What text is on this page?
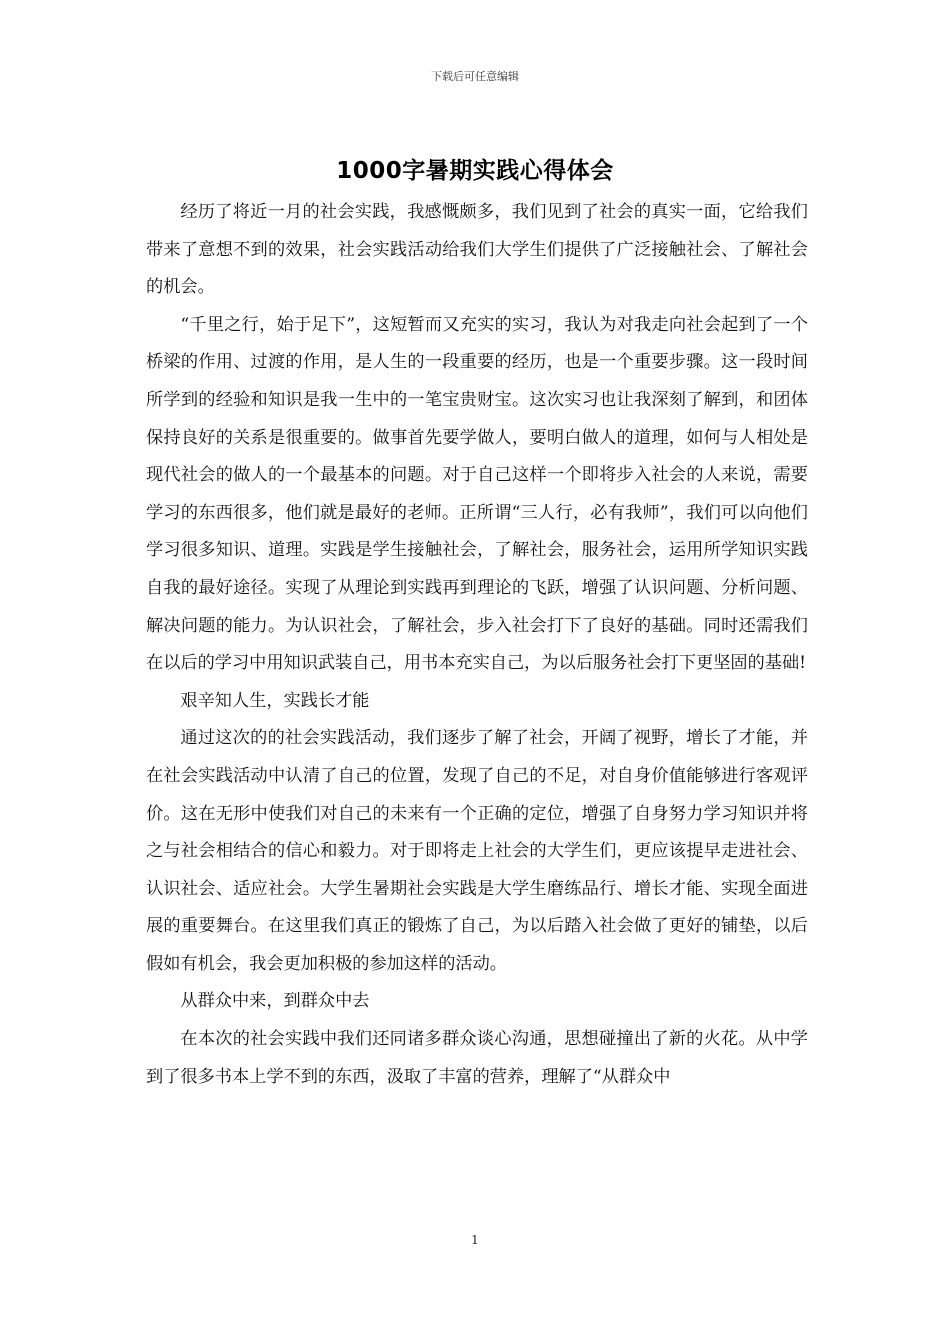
下载后可任意编辑
1000字暑期实践心得体会

经历了将近一月的社会实践，我感慨颇多，我们见到了社会的真实一面，它给我们带来了意想不到的效果，社会实践活动给我们大学生们提供了广泛接触社会、了解社会的机会。

“千里之行，始于足下”，这短暂而又充实的实习，我认为对我走向社会起到了一个桥梁的作用、过渡的作用，是人生的一段重要的经历，也是一个重要步骤。这一段时间所学到的经验和知识是我一生中的一笔宝贵财宝。这次实习也让我深刻了解到，和团体保持良好的关系是很重要的。做事首先要学做人，要明白做人的道理，如何与人相处是现代社会的做人的一个最基本的问题。对于自己这样一个即将步入社会的人来说，需要学习的东西很多，他们就是最好的老师。正所谓“三人行，必有我师”，我们可以向他们学习很多知识、道理。实践是学生接触社会，了解社会，服务社会，运用所学知识实践自我的最好途径。实现了从理论到实践再到理论的飞跃，增强了认识问题、分析问题、解决问题的能力。为认识社会，了解社会，步入社会打下了良好的基础。同时还需我们在以后的学习中用知识武装自己，用书本充实自己，为以后服务社会打下更坚固的基础!

艰辛知人生，实践长才能

通过这次的的社会实践活动，我们逐步了解了社会，开阔了视野，增长了才能，并在社会实践活动中认清了自己的位置，发现了自己的不足，对自身价值能够进行客观评价。这在无形中使我们对自己的未来有一个正确的定位，增强了自身努力学习知识并将之与社会相结合的信心和毅力。对于即将走上社会的大学生们，更应该提早走进社会、认识社会、适应社会。大学生暑期社会实践是大学生磨练品行、增长才能、实现全面进展的重要舞台。在这里我们真正的锻炼了自己，为以后踏入社会做了更好的铺垫，以后假如有机会，我会更加积极的参加这样的活动。

从群众中来，到群众中去

在本次的社会实践中我们还同诸多群众谈心沟通，思想碰撞出了新的火花。从中学到了很多书本上学不到的东西，汲取了丰富的营养，理解了“从群众中

1
